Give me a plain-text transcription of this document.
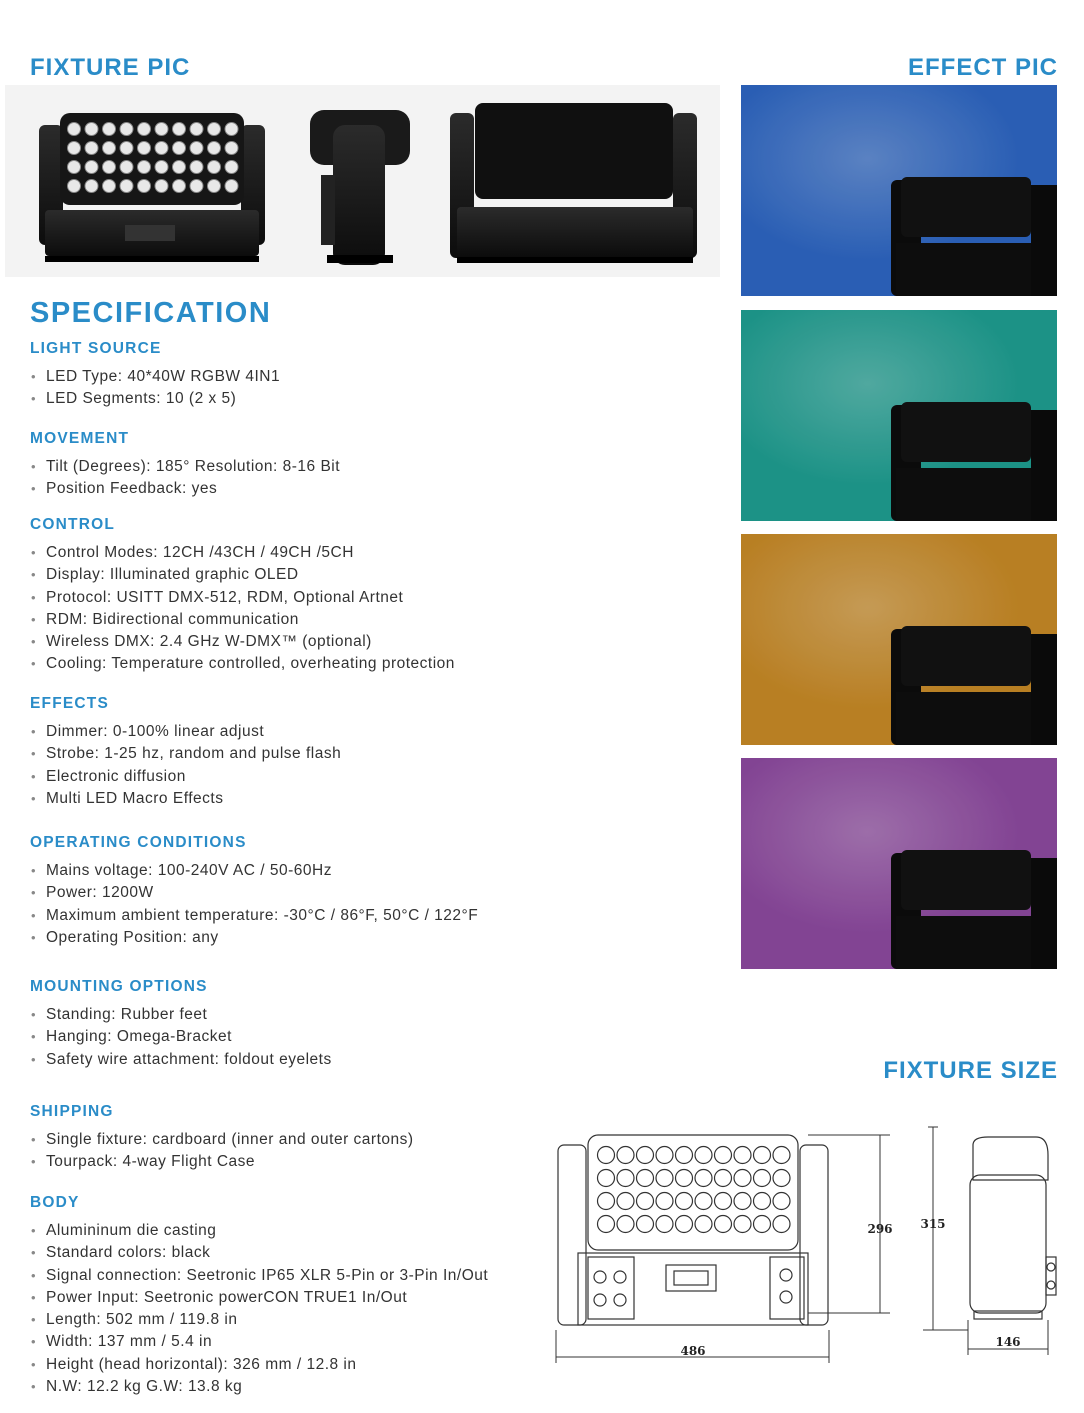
FIXTURE PIC	EFFECT PIC
SPECIFICATION
FIXTURE SIZE
LIGHT SOURCE
• LED Type: 40*40W RGBW 4IN1
• LED Segments: 10 (2 x 5)
MOVEMENT
• Tilt (Degrees): 185° Resolution: 8-16 Bit
• Position Feedback: yes
CONTROL
• Control Modes: 12CH /43CH / 49CH /5CH
• Display: Illuminated graphic OLED
• Protocol: USITT DMX-512, RDM, Optional Artnet
• RDM: Bidirectional communication
• Wireless DMX: 2.4 GHz W-DMX™ (optional)
• Cooling: Temperature controlled, overheating protection
EFFECTS
• Dimmer: 0-100% linear adjust
• Strobe: 1-25 hz, random and pulse flash
• Electronic diffusion
• Multi LED Macro Effects
OPERATING CONDITIONS
• Mains voltage: 100-240V AC / 50-60Hz
• Power: 1200W
• Maximum ambient temperature: -30°C / 86°F, 50°C / 122°F
• Operating Position: any
MOUNTING OPTIONS
• Standing: Rubber feet
• Hanging: Omega-Bracket
• Safety wire attachment: foldout eyelets
SHIPPING
• Single fixture: cardboard (inner and outer cartons)
• Tourpack: 4-way Flight Case
BODY
• Alumininum die casting
• Standard colors: black
• Signal connection: Seetronic IP65 XLR 5-Pin or 3-Pin In/Out
• Power Input: Seetronic powerCON TRUE1 In/Out
• Length: 502 mm / 119.8 in
• Width: 137 mm / 5.4 in
• Height (head horizontal): 326 mm / 12.8 in
• N.W: 12.2 kg G.W: 13.8 kg
486
296 315
146
